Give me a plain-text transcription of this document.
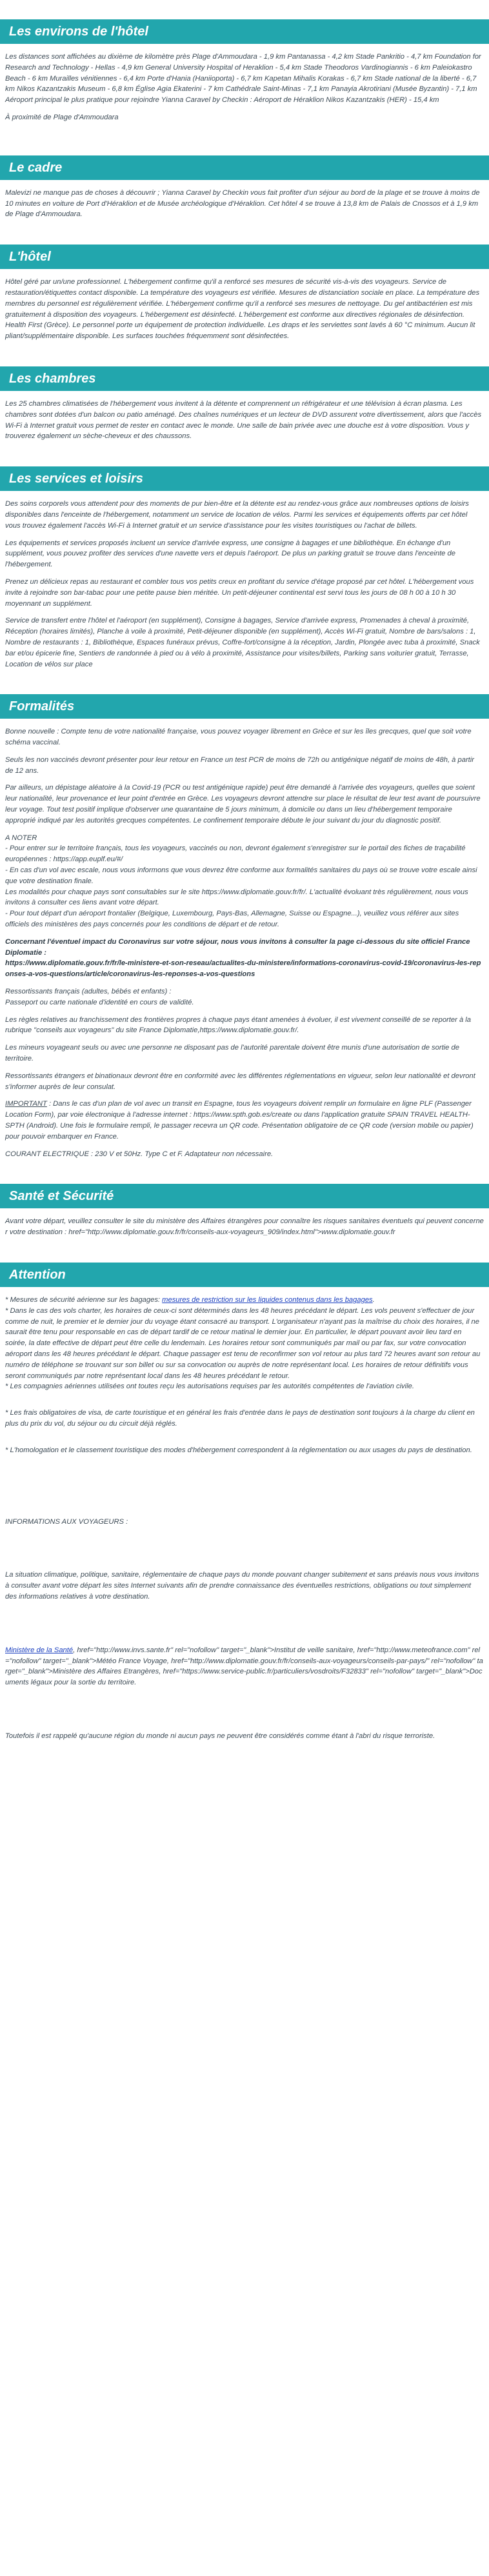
Les environs de l'hôtel

Les distances sont affichées au dixième de kilomètre près Plage d'Ammoudara - 1,9 km Pantanassa - 4,2 km Stade Pankritio - 4,7 km Foundation for Research and Technology - Hellas - 4,9 km General University Hospital of Heraklion - 5,4 km Stade Theodoros Vardinogiannis - 6 km Paleiokastro Beach - 6 km Murailles vénitiennes - 6,4 km Porte d'Hania (Haniioporta) - 6,7 km Kapetan Mihalis Korakas - 6,7 km Stade national de la liberté - 6,7 km Nikos Kazantzakis Museum - 6,8 km Église Agia Ekaterini - 7 km Cathédrale Saint-Minas - 7,1 km Panayia Akrotiriani (Musée Byzantin) - 7,1 km Aéroport principal le plus pratique pour rejoindre Yianna Caravel by Checkin : Aéroport de Héraklion Nikos Kazantzakis (HER) - 15,4 km

À proximité de Plage d'Ammoudara

Le cadre

Malevizi ne manque pas de choses à découvrir ; Yianna Caravel by Checkin vous fait profiter d'un séjour au bord de la plage et se trouve à moins de 10 minutes en voiture de Port d'Héraklion et de Musée archéologique d'Héraklion. Cet hôtel 4 se trouve à 13,8 km de Palais de Cnossos et à 1,9 km de Plage d'Ammoudara.

L'hôtel

Hôtel géré par un/une professionnel. L'hébergement confirme qu'il a renforcé ses mesures de sécurité vis-à-vis des voyageurs. Service de restauration/étiquettes contact disponible. La température des voyageurs est vérifiée. Mesures de distanciation sociale en place. La température des membres du personnel est régulièrement vérifiée. L'hébergement confirme qu'il a renforcé ses mesures de nettoyage. Du gel antibactérien est mis gratuitement à disposition des voyageurs. L'hébergement est désinfecté. L'hébergement est conforme aux directives régionales de désinfection. Health First (Grèce). Le personnel porte un équipement de protection individuelle. Les draps et les serviettes sont lavés à 60 °C minimum. Aucun lit pliant/supplémentaire disponible. Les surfaces touchées fréquemment sont désinfectées.

Les chambres

Les 25 chambres climatisées de l'hébergement vous invitent à la détente et comprennent un réfrigérateur et une télévision à écran plasma. Les chambres sont dotées d'un balcon ou patio aménagé. Des chaînes numériques et un lecteur de DVD assurent votre divertissement, alors que l'accès Wi-Fi à Internet gratuit vous permet de rester en contact avec le monde. Une salle de bain privée avec une douche est à votre disposition. Vous y trouverez également un sèche-cheveux et des chaussons.

Les services et loisirs

Des soins corporels vous attendent pour des moments de pur bien-être et la détente est au rendez-vous grâce aux nombreuses options de loisirs disponibles dans l'enceinte de l'hébergement, notamment un service de location de vélos. Parmi les services et équipements offerts par cet hôtel vous trouvez également l'accès Wi-Fi à Internet gratuit et un service d'assistance pour les visites touristiques ou l'achat de billets.

Les équipements et services proposés incluent un service d'arrivée express, une consigne à bagages et une bibliothèque. En échange d'un supplément, vous pouvez profiter des services d'une navette vers et depuis l'aéroport. De plus un parking gratuit se trouve dans l'enceinte de l'hébergement.

Prenez un délicieux repas au restaurant et combler tous vos petits creux en profitant du service d'étage proposé par cet hôtel. L'hébergement vous invite à rejoindre son bar-tabac pour une petite pause bien méritée. Un petit-déjeuner continental est servi tous les jours de 08 h 00 à 10 h 30 moyennant un supplément.

Service de transfert entre l'hôtel et l'aéroport (en supplément), Consigne à bagages, Service d'arrivée express, Promenades à cheval à proximité, Réception (horaires limités), Planche à voile à proximité, Petit-déjeuner disponible (en supplément), Accès Wi-Fi gratuit, Nombre de bars/salons : 1, Nombre de restaurants : 1, Bibliothèque, Espaces funéraux prévus, Coffre-fort/consigne à la réception, Jardin, Plongée avec tuba à proximité, Snack bar et/ou épicerie fine, Sentiers de randonnée à pied ou à vélo à proximité, Assistance pour visites/billets, Parking sans voiturier gratuit, Terrasse, Location de vélos sur place

Formalités

Bonne nouvelle : Compte tenu de votre nationalité française, vous pouvez voyager librement en Grèce et sur les îles grecques, quel que soit votre schéma vaccinal.

Seuls les non vaccinés devront présenter pour leur retour en France un test PCR de moins de 72h ou antigénique négatif de moins de 48h, à partir de 12 ans.

Par ailleurs, un dépistage aléatoire à la Covid-19 (PCR ou test antigénique rapide) peut être demandé à l'arrivée des voyageurs, quelles que soient leur nationalité, leur provenance et leur point d'entrée en Grèce. Les voyageurs devront attendre sur place le résultat de leur test avant de poursuivre leur voyage. Tout test positif implique d'observer une quarantaine de 5 jours minimum, à domicile ou dans un lieu d'hébergement temporaire approprié indiqué par les autorités grecques compétentes. Le confinement temporaire débute le jour suivant du jour du diagnostic positif.

A NOTER

- Pour entrer sur le territoire français, tous les voyageurs, vaccinés ou non, devront également s'enregistrer sur le portail des fiches de traçabilité européennes : https://app.euplf.eu/#/

- En cas d'un vol avec escale, nous vous informons que vous devrez être conforme aux formalités sanitaires du pays où se trouve votre escale ainsi que votre destination finale.

Les modalités pour chaque pays sont consultables sur le site https://www.diplomatie.gouv.fr/fr/. L'actualité évoluant très régulièrement, nous vous invitons à consulter ces liens avant votre départ.

- Pour tout départ d'un aéroport frontalier (Belgique, Luxembourg, Pays-Bas, Allemagne, Suisse ou Espagne...), veuillez vous référer aux sites officiels des ministères des pays concernés pour les conditions de départ et de retour.

Concernant l'éventuel impact du Coronavirus sur votre séjour, nous vous invitons à consulter la page ci-dessous du site officiel France Diplomatie :

https://www.diplomatie.gouv.fr/fr/le-ministere-et-son-reseau/actualites-du-ministere/informations-coronavirus-covid-19/coronavirus-les-reponses-a-vos-questions/article/coronavirus-les-reponses-a-vos-questions

Ressortissants français (adultes, bébés et enfants) :

Passeport ou carte nationale d'identité en cours de validité.

Les règles relatives au franchissement des frontières propres à chaque pays étant amenées à évoluer, il est vivement conseillé de se reporter à la rubrique "conseils aux voyageurs" du site France Diplomatie,https://www.diplomatie.gouv.fr/.

Les mineurs voyageant seuls ou avec une personne ne disposant pas de l'autorité parentale doivent être munis d'une autorisation de sortie de territoire.

Ressortissants étrangers et binationaux devront être en conformité avec les différentes réglementations en vigueur, selon leur nationalité et devront s'informer auprès de leur consulat.

IMPORTANT : Dans le cas d'un plan de vol avec un transit en Espagne, tous les voyageurs doivent remplir un formulaire en ligne PLF (Passenger Location Form), par voie électronique à l'adresse internet : https://www.spth.gob.es/create ou dans l'application gratuite SPAIN TRAVEL HEALTH-SPTH (Android). Une fois le formulaire rempli, le passager recevra un QR code. Présentation obligatoire de ce QR code (version mobile ou papier) pour pouvoir embarquer en France.

COURANT ELECTRIQUE : 230 V et 50Hz. Type C et F. Adaptateur non nécessaire.

Santé et Sécurité

Avant votre départ, veuillez consulter le site du ministère des Affaires étrangères pour connaître les risques sanitaires éventuels qui peuvent concerner votre destination : href="http://www.diplomatie.gouv.fr/fr/conseils-aux-voyageurs_909/index.html">www.diplomatie.gouv.fr

Attention

* Mesures de sécurité aérienne sur les bagages: mesures de restriction sur les liquides contenus dans les bagages.

* Dans le cas des vols charter, les horaires de ceux-ci sont déterminés dans les 48 heures précédant le départ. Les vols peuvent s'effectuer de jour comme de nuit, le premier et le dernier jour du voyage étant consacré au transport. L'organisateur n'ayant pas la maîtrise du choix des horaires, il ne saurait être tenu pour responsable en cas de départ tardif de ce retour matinal le dernier jour. En particulier, le départ pouvant avoir lieu tard en soirée, la date effective de départ peut être celle du lendemain. Les horaires retour sont communiqués par mail ou par fax, sur votre convocation aéroport dans les 48 heures précédant le départ. Chaque passager est tenu de reconfirmer son vol retour au plus tard 72 heures avant son retour au numéro de téléphone se trouvant sur son billet ou sur sa convocation ou auprès de notre représentant local. Les horaires de retour définitifs vous seront communiqués par notre représentant local dans les 48 heures précédant le retour.

* Les compagnies aériennes utilisées ont toutes reçu les autorisations requises par les autorités compétentes de l'aviation civile.

* Les frais obligatoires de visa, de carte touristique et en général les frais d'entrée dans le pays de destination sont toujours à la charge du client en plus du prix du vol, du séjour ou du circuit déjà réglés.

* L'homologation et le classement touristique des modes d'hébergement correspondent à la réglementation ou aux usages du pays de destination.

INFORMATIONS AUX VOYAGEURS :

La situation climatique, politique, sanitaire, réglementaire de chaque pays du monde pouvant changer subitement et sans préavis nous vous invitons à consulter avant votre départ les sites Internet suivants afin de prendre connaissance des éventuelles restrictions, obligations ou tout simplement des informations relatives à votre destination.

Ministère de la Santé, href="http://www.invs.sante.fr" rel="nofollow" target="_blank">Institut de veille sanitaire, href="http://www.meteofrance.com" rel="nofollow" target="_blank">Météo France Voyage, href="http://www.diplomatie.gouv.fr/fr/conseils-aux-voyageurs/conseils-par-pays/" rel="nofollow" target="_blank">Ministère des Affaires Etrangères, href="https://www.service-public.fr/particuliers/vosdroits/F32833" rel="nofollow" target="_blank">Documents légaux pour la sortie du territoire.

Toutefois il est rappelé qu'aucune région du monde ni aucun pays ne peuvent être considérés comme étant à l'abri du risque terroriste.
